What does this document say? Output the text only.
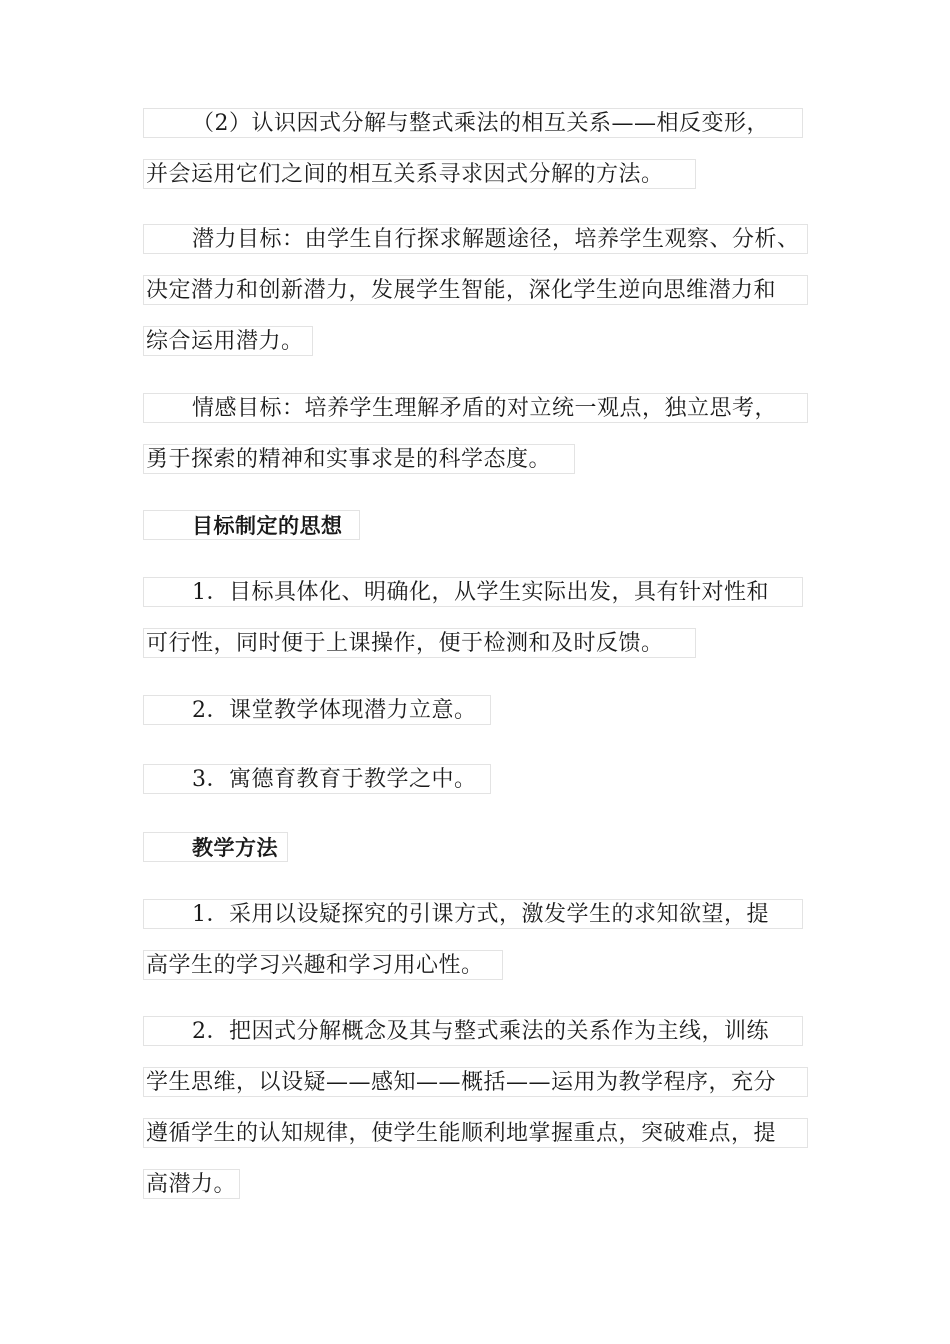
（2）认识因式分解与整式乘法的相互关系——相反变形，
并会运用它们之间的相互关系寻求因式分解的方法。
潜力目标：由学生自行探求解题途径，培养学生观察、分析、
决定潜力和创新潜力，发展学生智能，深化学生逆向思维潜力和
综合运用潜力。
情感目标：培养学生理解矛盾的对立统一观点，独立思考，
勇于探索的精神和实事求是的科学态度。
目标制定的思想
1．目标具体化、明确化，从学生实际出发，具有针对性和
可行性，同时便于上课操作，便于检测和及时反馈。
2．课堂教学体现潜力立意。
3．寓德育教育于教学之中。
教学方法
1．采用以设疑探究的引课方式，激发学生的求知欲望，提
高学生的学习兴趣和学习用心性。
2．把因式分解概念及其与整式乘法的关系作为主线，训练
学生思维，以设疑——感知——概括——运用为教学程序，充分
遵循学生的认知规律，使学生能顺利地掌握重点，突破难点，提
高潜力。
